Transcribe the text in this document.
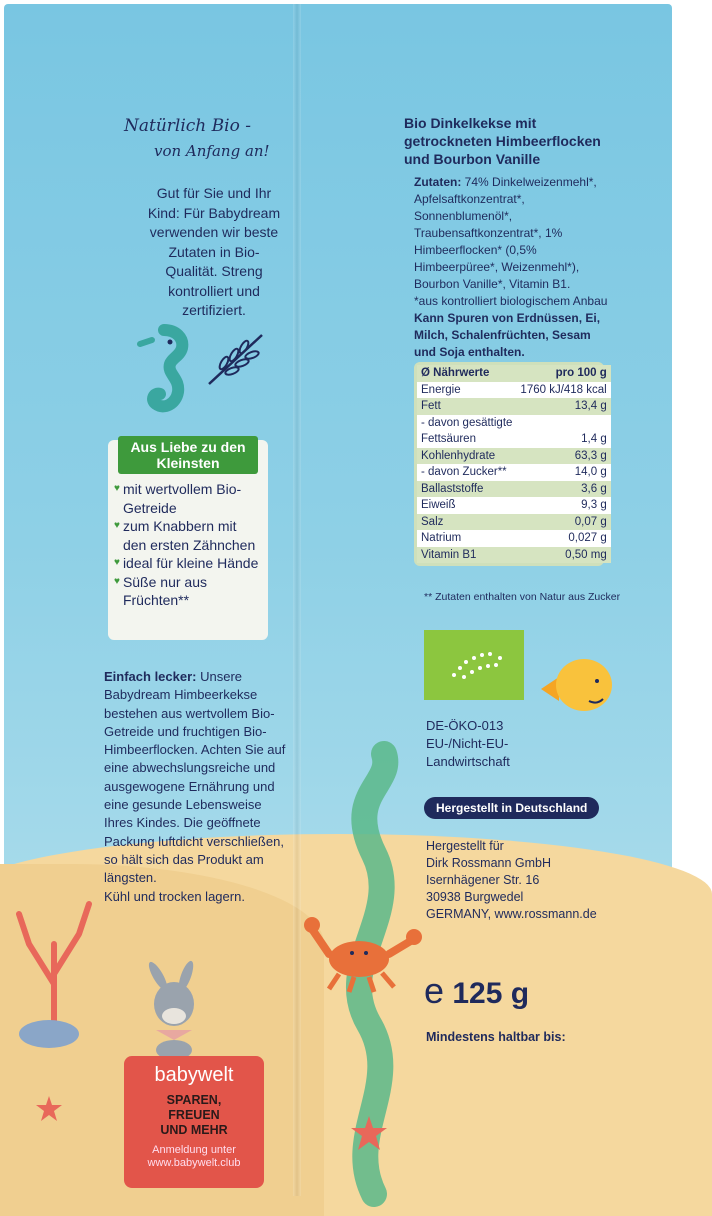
Natürlich Bio -
von Anfang an!
Gut für Sie und Ihr Kind: Für Babydream verwenden wir beste Zutaten in Bio-Qualität. Streng kontrolliert und zertifiziert.
Aus Liebe zu den Kleinsten
♥ mit wertvollem Bio-Getreide
♥ zum Knabbern mit den ersten Zähnchen
♥ ideal für kleine Hände
♥ Süße nur aus Früchten**
Einfach lecker: Unsere Babydream Himbeerkekse bestehen aus wertvollem Bio-Getreide und fruchtigen Bio-Himbeerflocken. Achten Sie auf eine abwechslungsreiche und ausgewogene Ernährung und eine gesunde Lebensweise Ihres Kindes. Die geöffnete Packung luftdicht verschließen, so hält sich das Produkt am längsten.
Kühl und trocken lagern.
babywelt
SPAREN,
FREUEN
UND MEHR
Anmeldung unter
www.babywelt.club
Bio Dinkelkekse mit getrockneten Himbeerflocken und Bourbon Vanille
Zutaten: 74% Dinkelweizenmehl*, Apfelsaftkonzentrat*, Sonnenblumenöl*, Traubensaftkonzentrat*, 1% Himbeerflocken* (0,5% Himbeerpüree*, Weizenmehl*), Bourbon Vanille*, Vitamin B1.
*aus kontrolliert biologischem Anbau
Kann Spuren von Erdnüssen, Ei, Milch, Schalenfrüchten, Sesam und Soja enthalten.
Ø Nährwerte	pro 100 g
Energie	1760 kJ/418 kcal
Fett	13,4 g
- davon gesättigte	
Fettsäuren	1,4 g
Kohlenhydrate	63,3 g
- davon Zucker**	14,0 g
Ballaststoffe	3,6 g
Eiweiß	9,3 g
Salz	0,07 g
Natrium	0,027 g
Vitamin B1	0,50 mg
** Zutaten enthalten von Natur aus Zucker
DE-ÖKO-013
EU-/Nicht-EU-
Landwirtschaft
Hergestellt in Deutschland
Hergestellt für
Dirk Rossmann GmbH
Isernhägener Str. 16
30938 Burgwedel
GERMANY, www.rossmann.de
e 125 g
Mindestens haltbar bis:
